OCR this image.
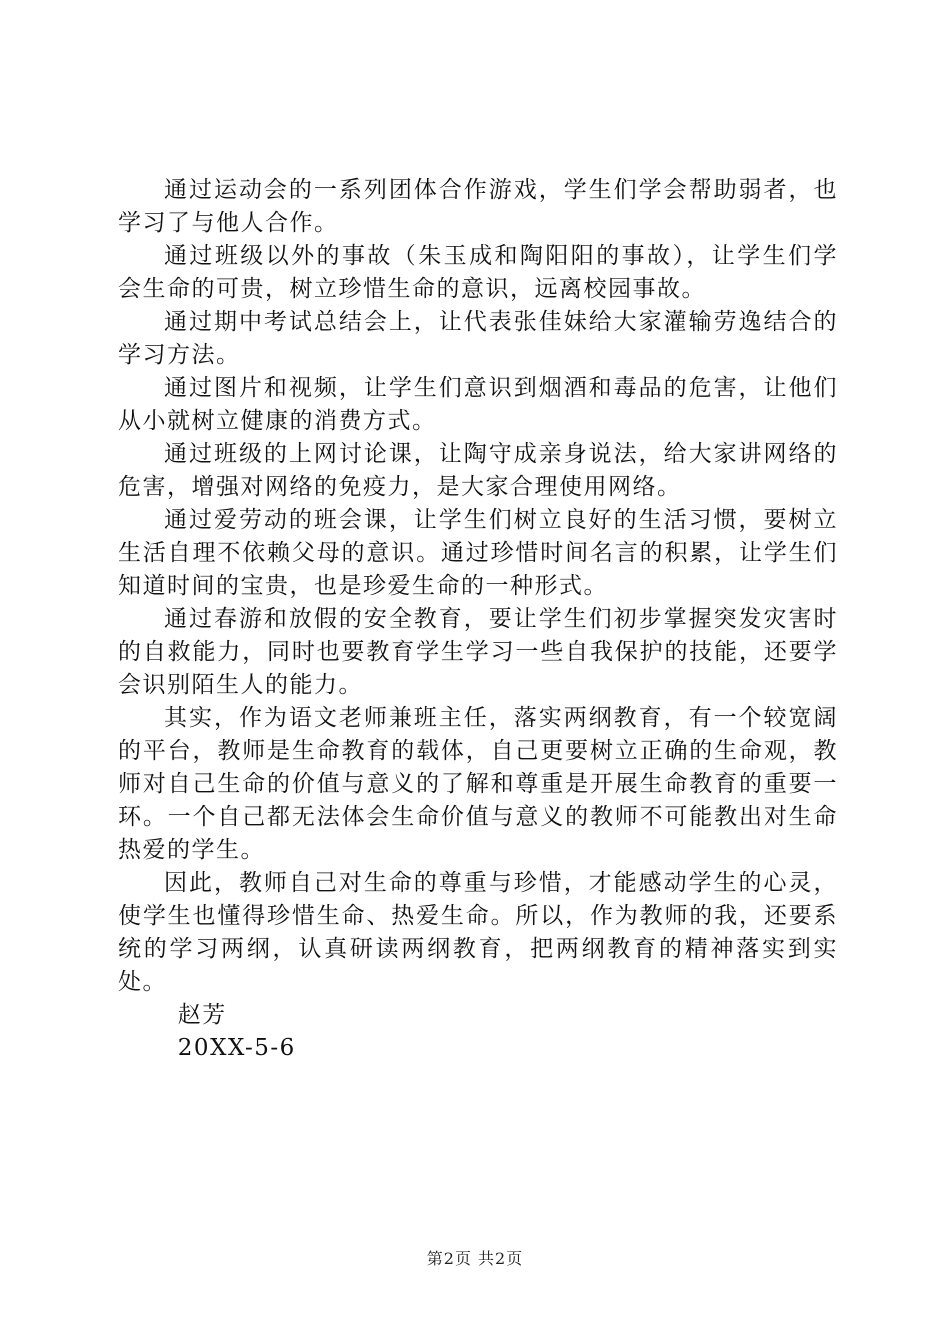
通过运动会的一系列团体合作游戏，学生们学会帮助弱者，也学习了与他人合作。

通过班级以外的事故（朱玉成和陶阳阳的事故），让学生们学会生命的可贵，树立珍惜生命的意识，远离校园事故。

通过期中考试总结会上，让代表张佳妹给大家灌输劳逸结合的学习方法。

通过图片和视频，让学生们意识到烟酒和毒品的危害，让他们从小就树立健康的消费方式。

通过班级的上网讨论课，让陶守成亲身说法，给大家讲网络的危害，增强对网络的免疫力，是大家合理使用网络。

通过爱劳动的班会课，让学生们树立良好的生活习惯，要树立生活自理不依赖父母的意识。通过珍惜时间名言的积累，让学生们知道时间的宝贵，也是珍爱生命的一种形式。

通过春游和放假的安全教育，要让学生们初步掌握突发灾害时的自救能力，同时也要教育学生学习一些自我保护的技能，还要学会识别陌生人的能力。

其实，作为语文老师兼班主任，落实两纲教育，有一个较宽阔的平台，教师是生命教育的载体，自己更要树立正确的生命观，教师对自己生命的价值与意义的了解和尊重是开展生命教育的重要一环。一个自己都无法体会生命价值与意义的教师不可能教出对生命热爱的学生。

因此，教师自己对生命的尊重与珍惜，才能感动学生的心灵，使学生也懂得珍惜生命、热爱生命。所以，作为教师的我，还要系统的学习两纲，认真研读两纲教育，把两纲教育的精神落实到实处。

赵芳

20XX-5-6

第2页 共2页
